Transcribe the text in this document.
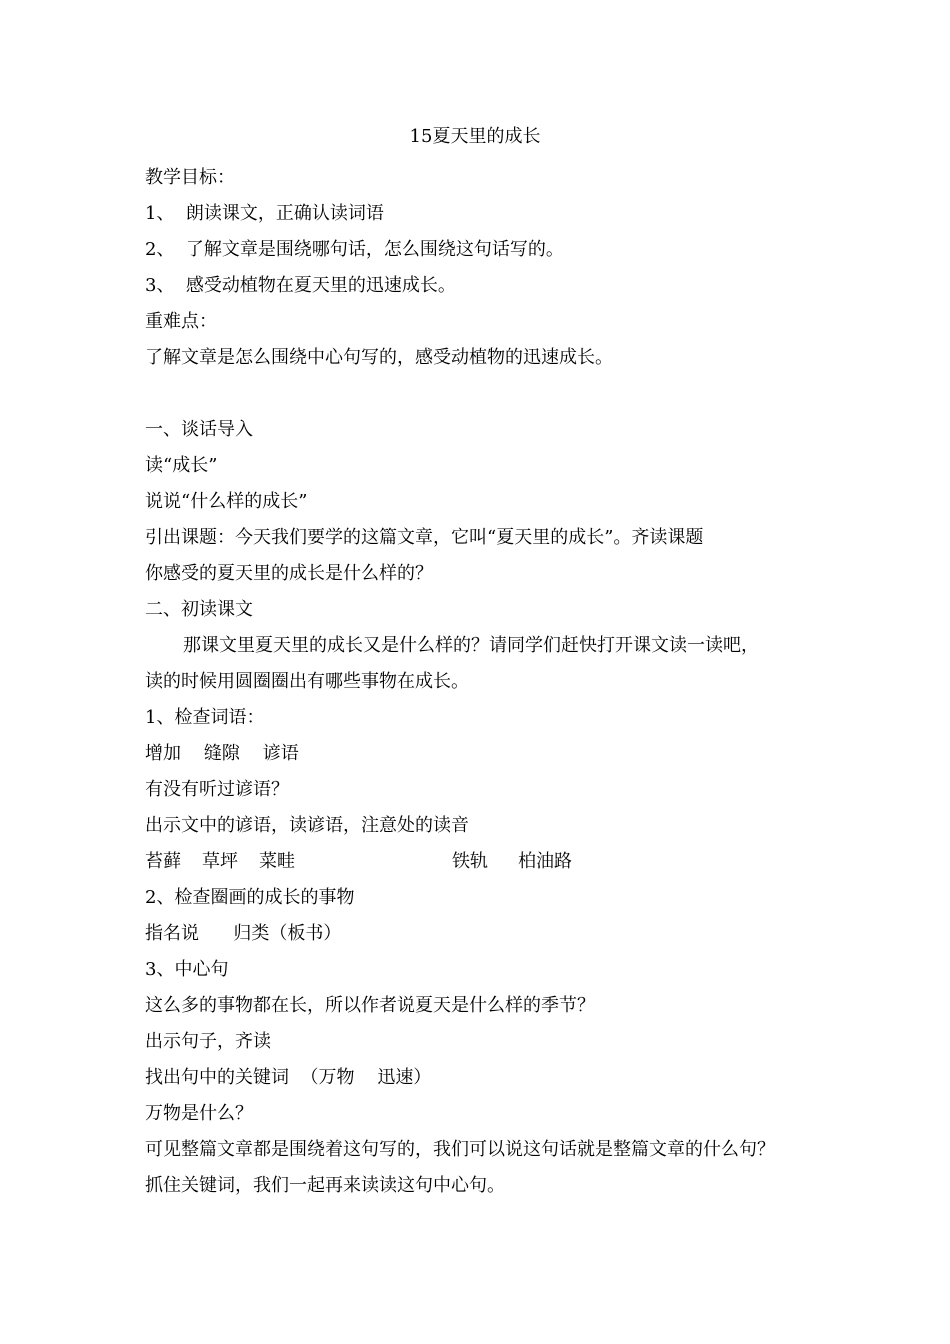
15夏天里的成长
教学目标：
1、  朗读课文，正确认读词语
2、  了解文章是围绕哪句话，怎么围绕这句话写的。
3、  感受动植物在夏天里的迅速成长。
重难点：
了解文章是怎么围绕中心句写的，感受动植物的迅速成长。
一、谈话导入
读“成长”
说说“什么样的成长”
引出课题：今天我们要学的这篇文章，它叫“夏天里的成长”。齐读课题
你感受的夏天里的成长是什么样的？
二、初读课文
那课文里夏天里的成长又是什么样的？请同学们赶快打开课文读一读吧，
读的时候用圆圈圈出有哪些事物在成长。
1、检查词语：
增加    缝隙    谚语
有没有听过谚语？
出示文中的谚语，读谚语，注意处的读音
苔藓 草坪 菜畦	铁轨 柏油路
2、检查圈画的成长的事物
指名说      归类（板书）
3、中心句
这么多的事物都在长，所以作者说夏天是什么样的季节？
出示句子，齐读
找出句中的关键词  （万物    迅速）
万物是什么？
可见整篇文章都是围绕着这句写的，我们可以说这句话就是整篇文章的什么句？
抓住关键词，我们一起再来读读这句中心句。
